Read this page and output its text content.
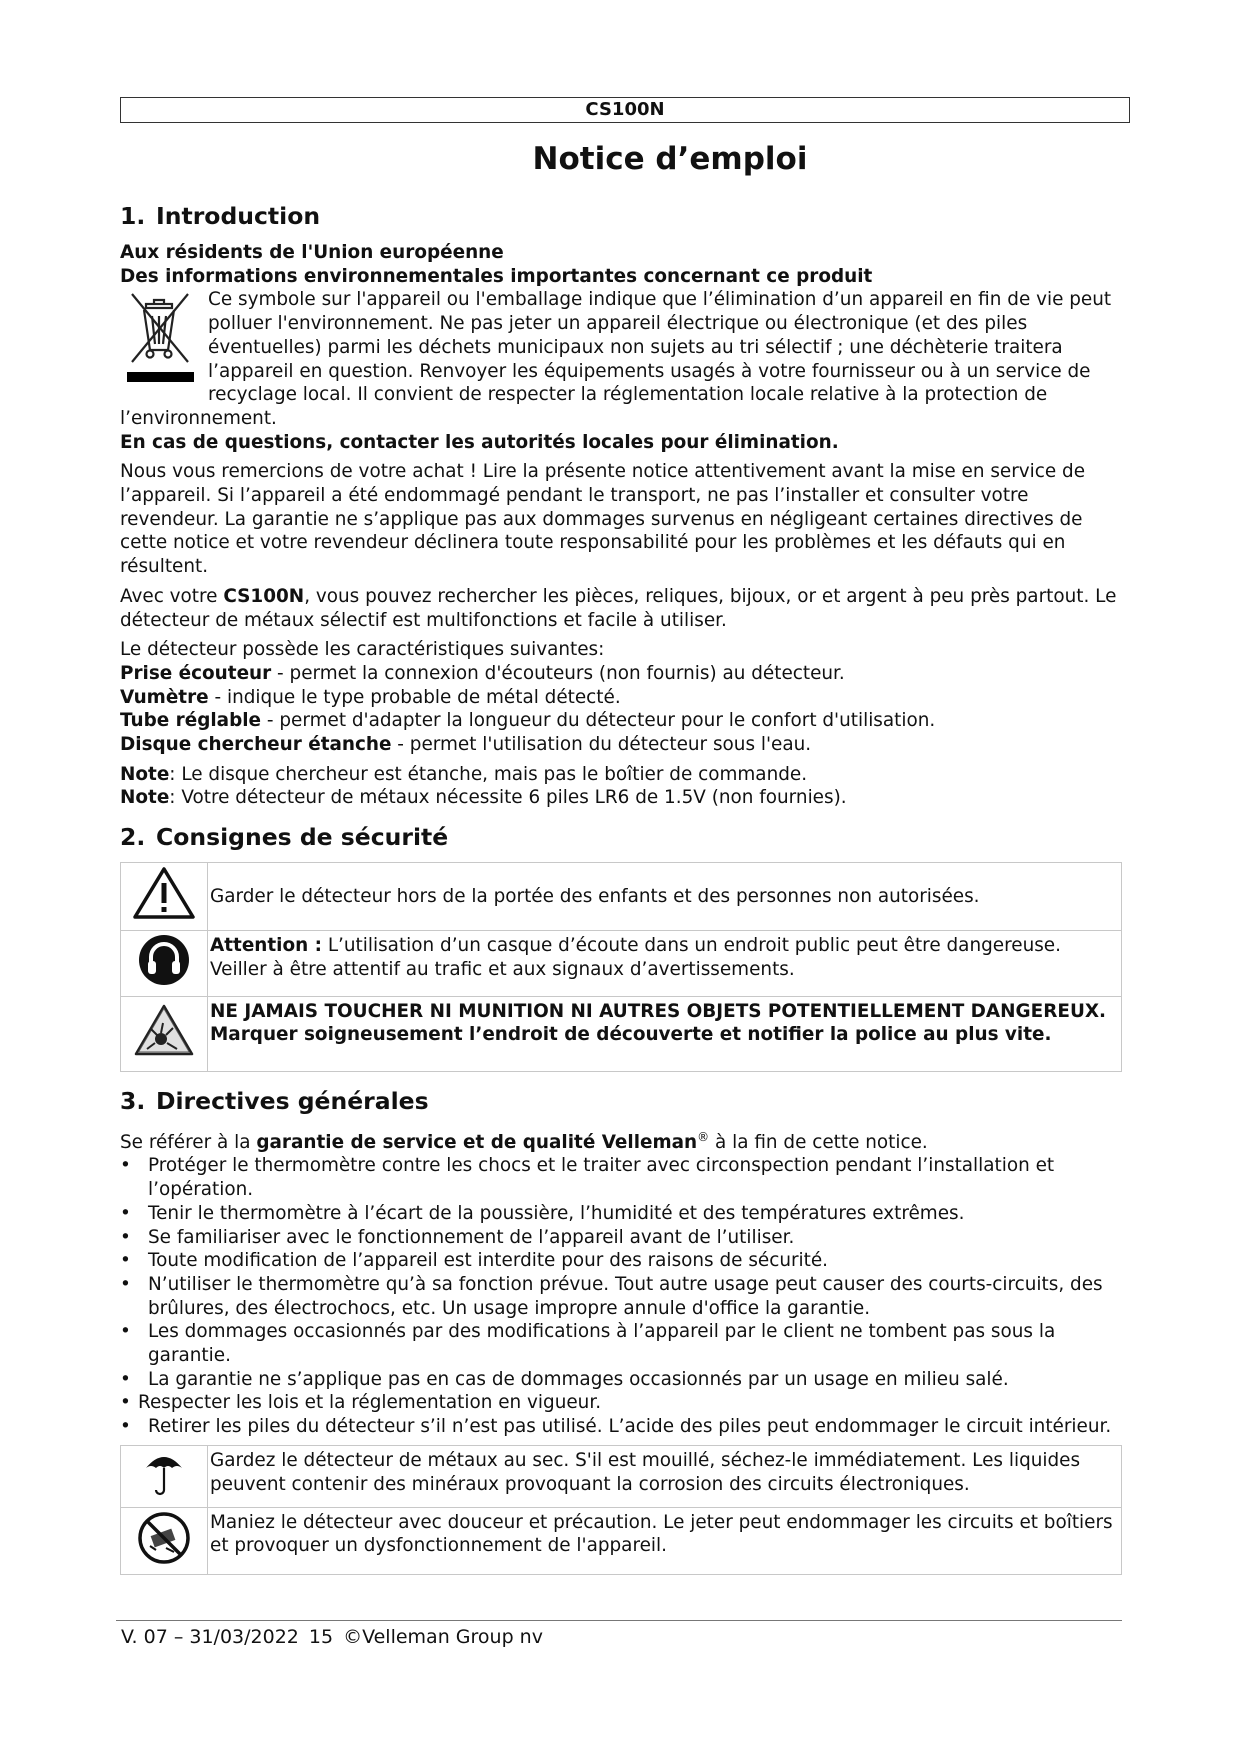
CS100N
Notice d’emploi
1. Introduction

Aux résidents de l'Union européenne

Des informations environnementales importantes concernant ce produit

Ce symbole sur l'appareil ou l'emballage indique que l’élimination d’un appareil en fin de vie peut polluer l'environnement. Ne pas jeter un appareil électrique ou électronique (et des piles éventuelles) parmi les déchets municipaux non sujets au tri sélectif ; une déchèterie traitera l’appareil en question. Renvoyer les équipements usagés à votre fournisseur ou à un service de recyclage local. Il convient de respecter la réglementation locale relative à la protection de l’environnement.

En cas de questions, contacter les autorités locales pour élimination.

Nous vous remercions de votre achat ! Lire la présente notice attentivement avant la mise en service de l’appareil. Si l’appareil a été endommagé pendant le transport, ne pas l’installer et consulter votre revendeur. La garantie ne s’applique pas aux dommages survenus en négligeant certaines directives de cette notice et votre revendeur déclinera toute responsabilité pour les problèmes et les défauts qui en résultent.

Avec votre CS100N, vous pouvez rechercher les pièces, reliques, bijoux, or et argent à peu près partout. Le détecteur de métaux sélectif est multifonctions et facile à utiliser.

Le détecteur possède les caractéristiques suivantes:

Prise écouteur - permet la connexion d'écouteurs (non fournis) au détecteur.

Vumètre - indique le type probable de métal détecté.

Tube réglable - permet d'adapter la longueur du détecteur pour le confort d'utilisation.

Disque chercheur étanche - permet l'utilisation du détecteur sous l'eau.

Note: Le disque chercheur est étanche, mais pas le boîtier de commande.

Note: Votre détecteur de métaux nécessite 6 piles LR6 de 1.5V (non fournies).

2. Consignes de sécurité
	Garder le détecteur hors de la portée des enfants et des personnes non autorisées.
	Attention : L’utilisation d’un casque d’écoute dans un endroit public peut être dangereuse. Veiller à être attentif au trafic et aux signaux d’avertissements.
	NE JAMAIS TOUCHER NI MUNITION NI AUTRES OBJETS POTENTIELLEMENT DANGEREUX. Marquer soigneusement l’endroit de découverte et notifier la police au plus vite.
3. Directives générales

Se référer à la garantie de service et de qualité Velleman® à la fin de cette notice.

• Protéger le thermomètre contre les chocs et le traiter avec circonspection pendant l’installation et l’opération.
• Tenir le thermomètre à l’écart de la poussière, l’humidité et des températures extrêmes.
• Se familiariser avec le fonctionnement de l’appareil avant de l’utiliser.
• Toute modification de l’appareil est interdite pour des raisons de sécurité.
• N’utiliser le thermomètre qu’à sa fonction prévue. Tout autre usage peut causer des courts-circuits, des brûlures, des électrochocs, etc. Un usage impropre annule d'office la garantie.
• Les dommages occasionnés par des modifications à l’appareil par le client ne tombent pas sous la garantie.
• La garantie ne s’applique pas en cas de dommages occasionnés par un usage en milieu salé.
• Respecter les lois et la réglementation en vigueur.
• Retirer les piles du détecteur s’il n’est pas utilisé. L’acide des piles peut endommager le circuit intérieur.
	Gardez le détecteur de métaux au sec. S'il est mouillé, séchez-le immédiatement. Les liquides peuvent contenir des minéraux provoquant la corrosion des circuits électroniques.
	Maniez le détecteur avec douceur et précaution. Le jeter peut endommager les circuits et boîtiers et provoquer un dysfonctionnement de l'appareil.
V. 07 – 31/03/2022 15 ©Velleman Group nv
